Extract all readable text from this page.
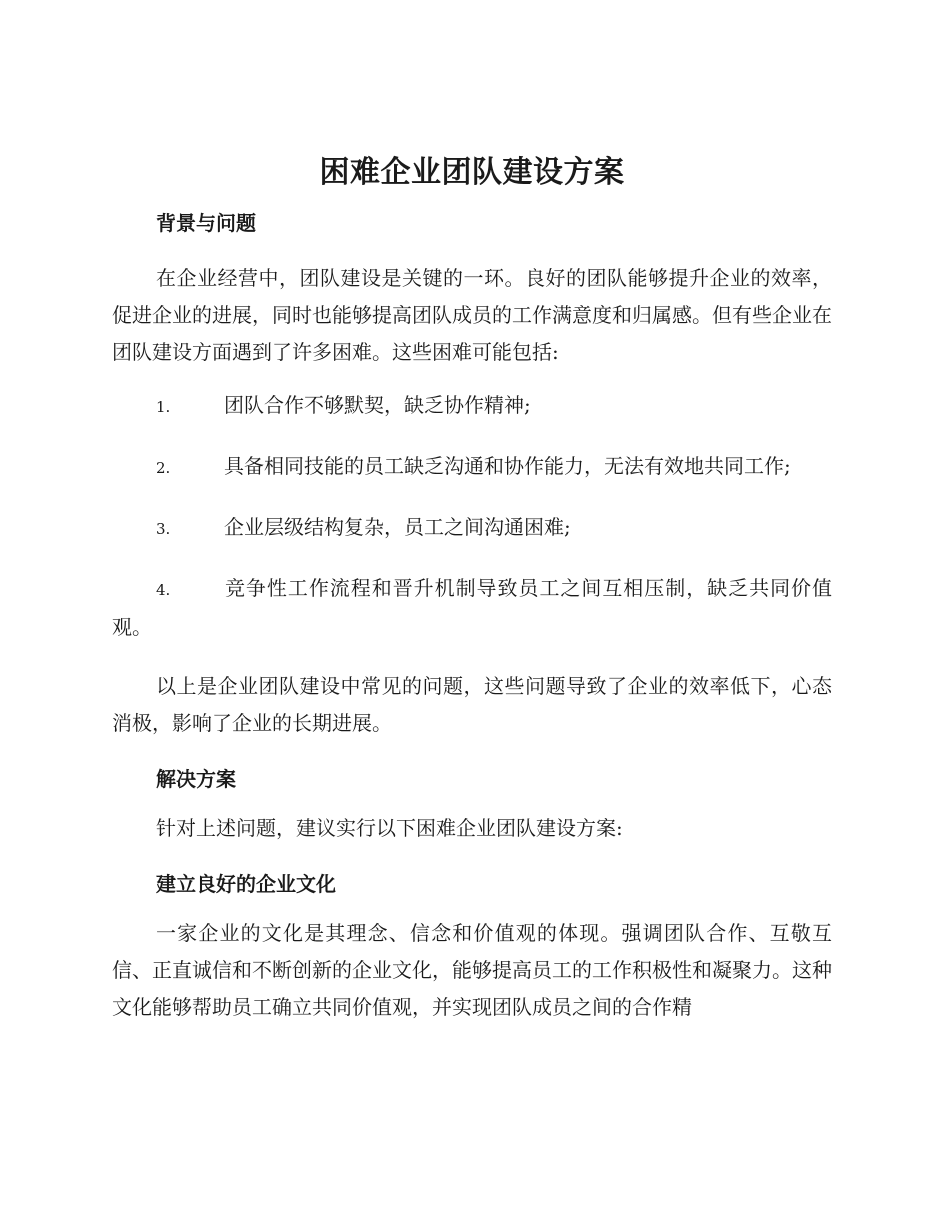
困难企业团队建设方案
背景与问题

在企业经营中，团队建设是关键的一环。良好的团队能够提升企业的效率，促进企业的进展，同时也能够提高团队成员的工作满意度和归属感。但有些企业在团队建设方面遇到了许多困难。这些困难可能包括:

1.	团队合作不够默契，缺乏协作精神;

2.	具备相同技能的员工缺乏沟通和协作能力，无法有效地共同工作;

3.	企业层级结构复杂，员工之间沟通困难;

4.	竞争性工作流程和晋升机制导致员工之间互相压制，缺乏共同价值观。

以上是企业团队建设中常见的问题，这些问题导致了企业的效率低下，心态消极，影响了企业的长期进展。

解决方案

针对上述问题，建议实行以下困难企业团队建设方案:

建立良好的企业文化

一家企业的文化是其理念、信念和价值观的体现。强调团队合作、互敬互信、正直诚信和不断创新的企业文化，能够提高员工的工作积极性和凝聚力。这种文化能够帮助员工确立共同价值观，并实现团队成员之间的合作精
